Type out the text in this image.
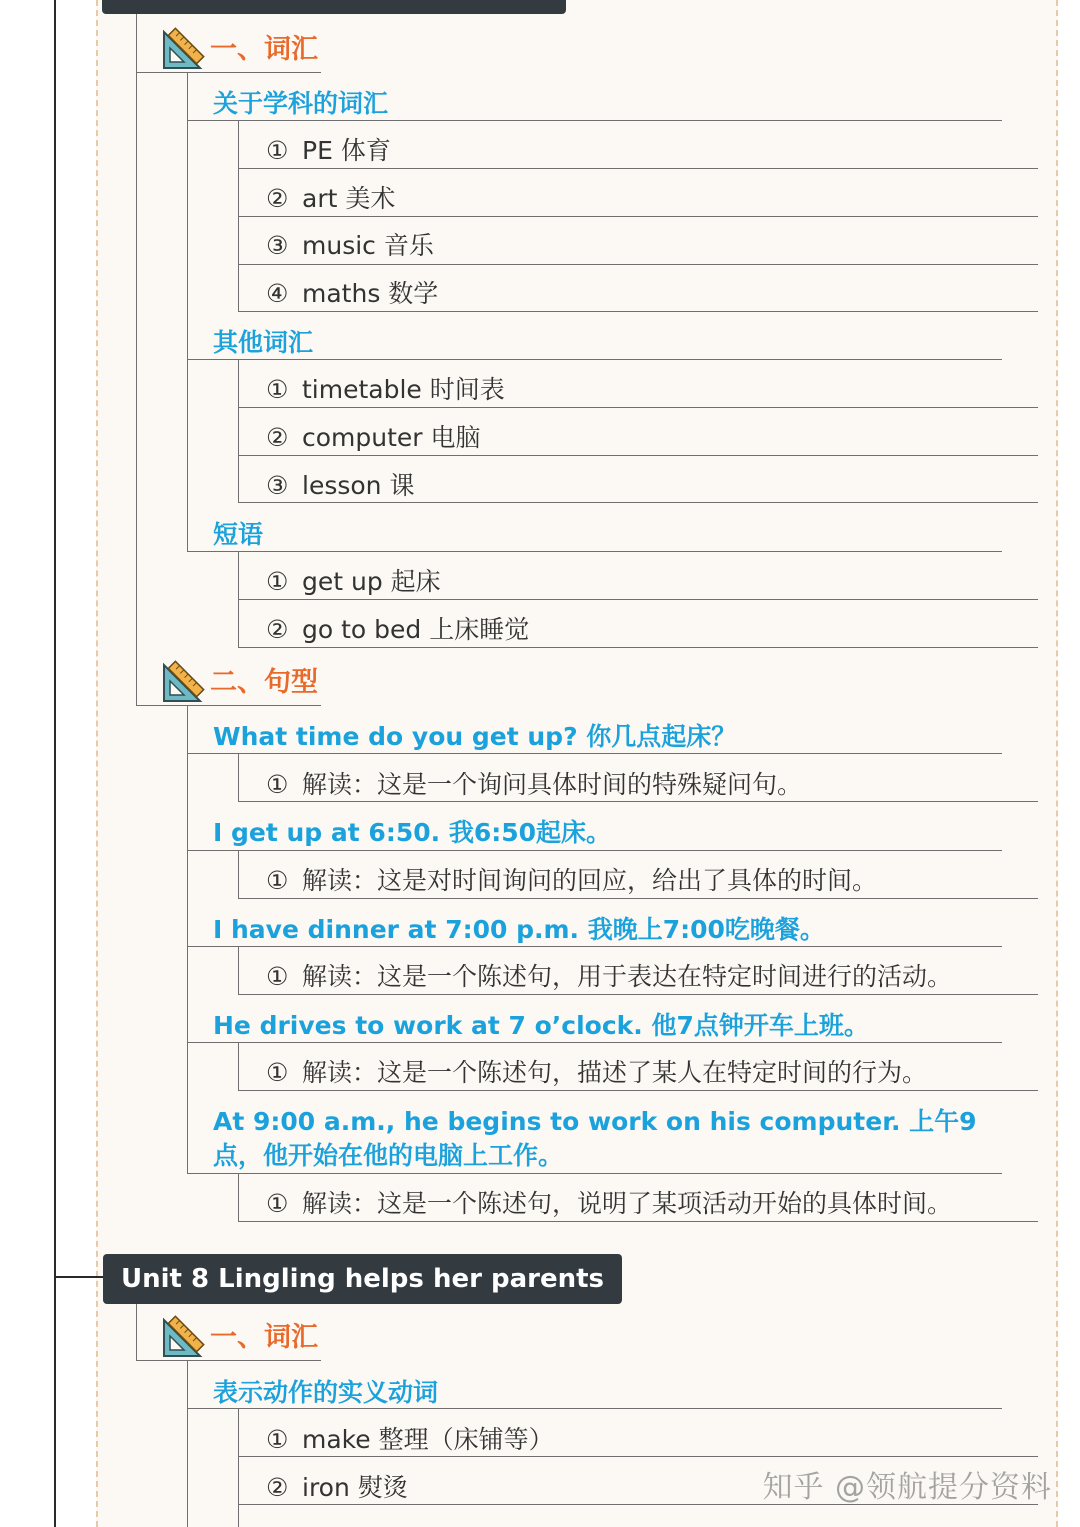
一、词汇
关于学科的词汇
① PE 体育
② art 美术
③ music 音乐
④ maths 数学
其他词汇
① timetable 时间表
② computer 电脑
③ lesson 课
短语
① get up 起床
② go to bed 上床睡觉
二、句型
What time do you get up? 你几点起床？
① 解读：这是一个询问具体时间的特殊疑问句。
I get up at 6:50. 我6:50起床。
① 解读：这是对时间询问的回应，给出了具体的时间。
I have dinner at 7:00 p.m. 我晚上7:00吃晚餐。
① 解读：这是一个陈述句，用于表达在特定时间进行的活动。
He drives to work at 7 o’clock. 他7点钟开车上班。
① 解读：这是一个陈述句，描述了某人在特定时间的行为。
At 9:00 a.m., he begins to work on his computer. 上午9点，他开始在他的电脑上工作。
① 解读：这是一个陈述句，说明了某项活动开始的具体时间。
Unit 8 Lingling helps her parents
一、词汇
表示动作的实义动词
① make 整理（床铺等）
② iron 熨烫	知乎 @领航提分资料
